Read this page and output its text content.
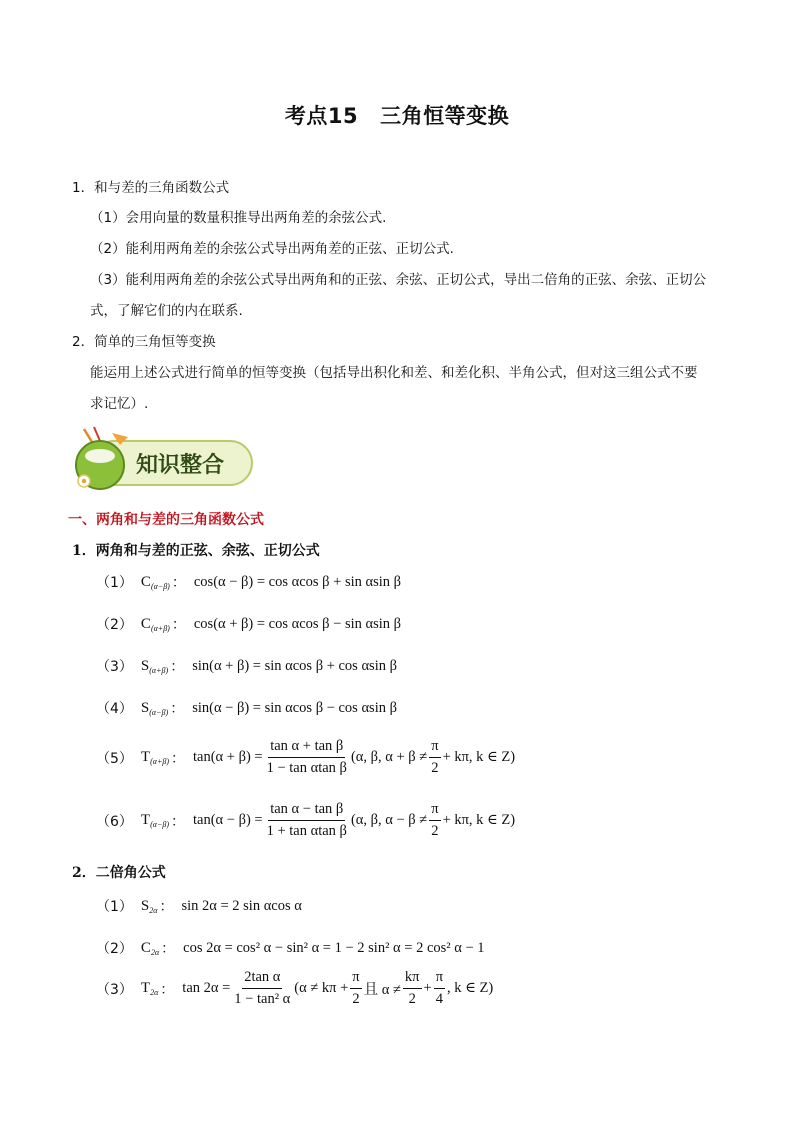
考点15 三角恒等变换
1．和与差的三角函数公式
（1）会用向量的数量积推导出两角差的余弦公式.
（2）能利用两角差的余弦公式导出两角差的正弦、正切公式.
（3）能利用两角差的余弦公式导出两角和的正弦、余弦、正切公式，导出二倍角的正弦、余弦、正切公
式，了解它们的内在联系.
2．简单的三角恒等变换
能运用上述公式进行简单的恒等变换（包括导出积化和差、和差化积、半角公式，但对这三组公式不要
求记忆）.
知识整合
一、两角和与差的三角函数公式
1．两角和与差的正弦、余弦、正切公式
（1） $C_{(\alpha-\beta)}$ ： cos(α − β) = cos αcos β + sin αsin β
（2） $C_{(\alpha+\beta)}$ ： cos(α + β) = cos αcos β − sin αsin β
（3） $S_{(\alpha+\beta)}$ ： sin(α + β) = sin αcos β + cos αsin β
（4） $S_{(\alpha-\beta)}$ ： sin(α − β) = sin αcos β − cos αsin β
（5） $T_{(\alpha+\beta)}$ ： $\tan(\alpha + \beta) = \frac{\text{tan α + tan β}}{\text{1 − tan αtan β}} (\alpha$, β, $\alpha + \beta \ne \frac{\pi}{2} + k\pi$, k ∈ Z)
（6） $T_{(\alpha-\beta)}$ ： $\tan(\alpha - \beta) = \frac{\text{tan α − tan β}}{\text{1 + tan αtan β}} (\alpha$, β, $\alpha - \beta \ne \frac{\pi}{2} + k\pi$, k ∈ Z)
2．二倍角公式
（1） $S_{2\alpha}$ ： sin 2α = 2 sin αcos α
（2） $C_{2\alpha}$ ： cos 2α = cos² α − sin² α = 1 − 2 sin² α = 2 cos² α − 1
（3） $T_{2\alpha}$ ： $\tan 2\alpha = \frac{\text{2tan α}}{\text{1 − tan² α}} (\alpha \ne k\pi + \frac{\pi}{2}$ 且 $\alpha \ne \frac{k\pi}{2} + \frac{\pi}{4}$ , k ∈ Z)
